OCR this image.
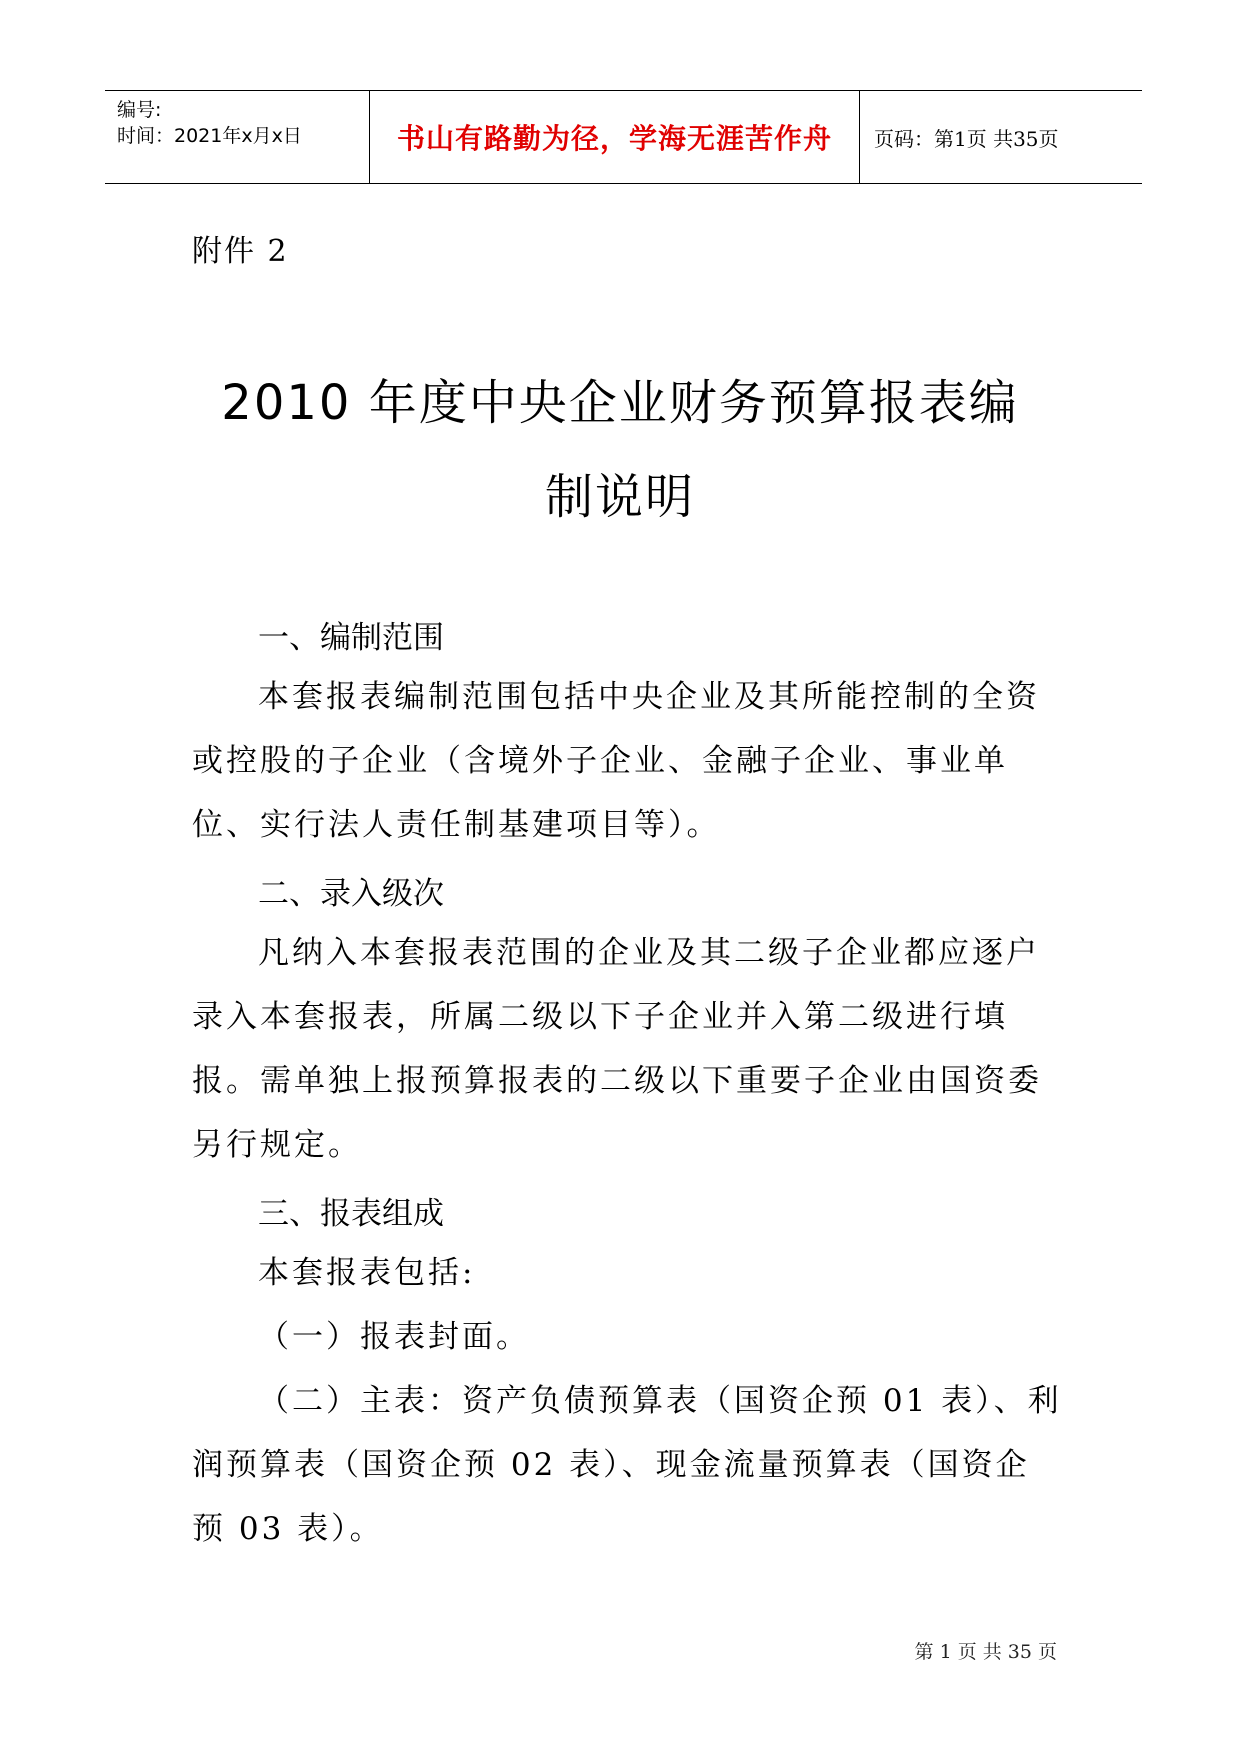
编号:
时间：2021年x月x日	书山有路勤为径，学海无涯苦作舟 页码：第1页 共35页
附件 2
2010 年度中央企业财务预算报表编
制说明
一、编制范围
本套报表编制范围包括中央企业及其所能控制的全资或控股的子企业（含境外子企业、金融子企业、事业单位、实行法人责任制基建项目等）。
二、录入级次
凡纳入本套报表范围的企业及其二级子企业都应逐户录入本套报表，所属二级以下子企业并入第二级进行填报。需单独上报预算报表的二级以下重要子企业由国资委另行规定。
三、报表组成
本套报表包括:
（一）报表封面。
（二）主表：资产负债预算表（国资企预 01 表）、利润预算表（国资企预 02 表）、现金流量预算表（国资企预 03 表）。
第 1 页 共 35 页
